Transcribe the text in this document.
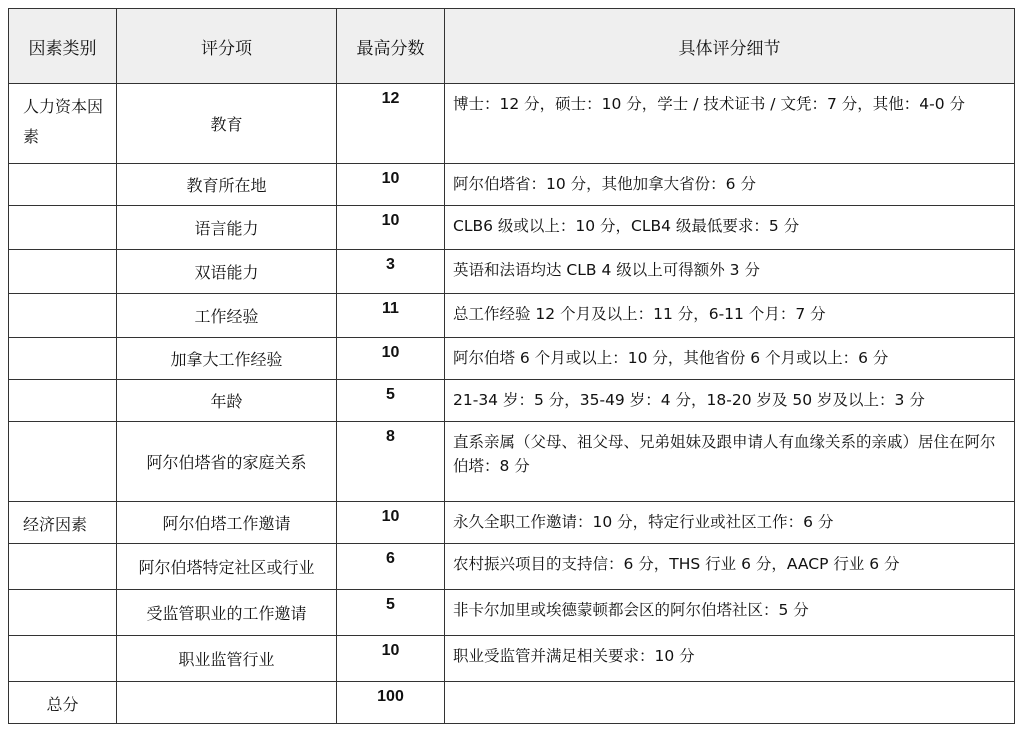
因素类别	评分项	最高分数	具体评分细节
人力资本因素	教育	12	博士：12 分，硕士：10 分，学士 / 技术证书 / 文凭：7 分，其他：4-0 分
	教育所在地	10	阿尔伯塔省：10 分，其他加拿大省份：6 分
	语言能力	10	CLB6 级或以上：10 分，CLB4 级最低要求：5 分
	双语能力	3	英语和法语均达 CLB 4 级以上可得额外 3 分
	工作经验	11	总工作经验 12 个月及以上：11 分，6-11 个月：7 分
	加拿大工作经验	10	阿尔伯塔 6 个月或以上：10 分，其他省份 6 个月或以上：6 分
	年龄	5	21-34 岁：5 分，35-49 岁：4 分，18-20 岁及 50 岁及以上：3 分
	阿尔伯塔省的家庭关系	8	直系亲属（父母、祖父母、兄弟姐妹及跟申请人有血缘关系的亲戚）居住在阿尔伯塔：8 分
经济因素	阿尔伯塔工作邀请	10	永久全职工作邀请：10 分，特定行业或社区工作：6 分
	阿尔伯塔特定社区或行业	6	农村振兴项目的支持信：6 分，THS 行业 6 分，AACP 行业 6 分
	受监管职业的工作邀请	5	非卡尔加里或埃德蒙顿都会区的阿尔伯塔社区：5 分
	职业监管行业	10	职业受监管并满足相关要求：10 分
总分		100	
